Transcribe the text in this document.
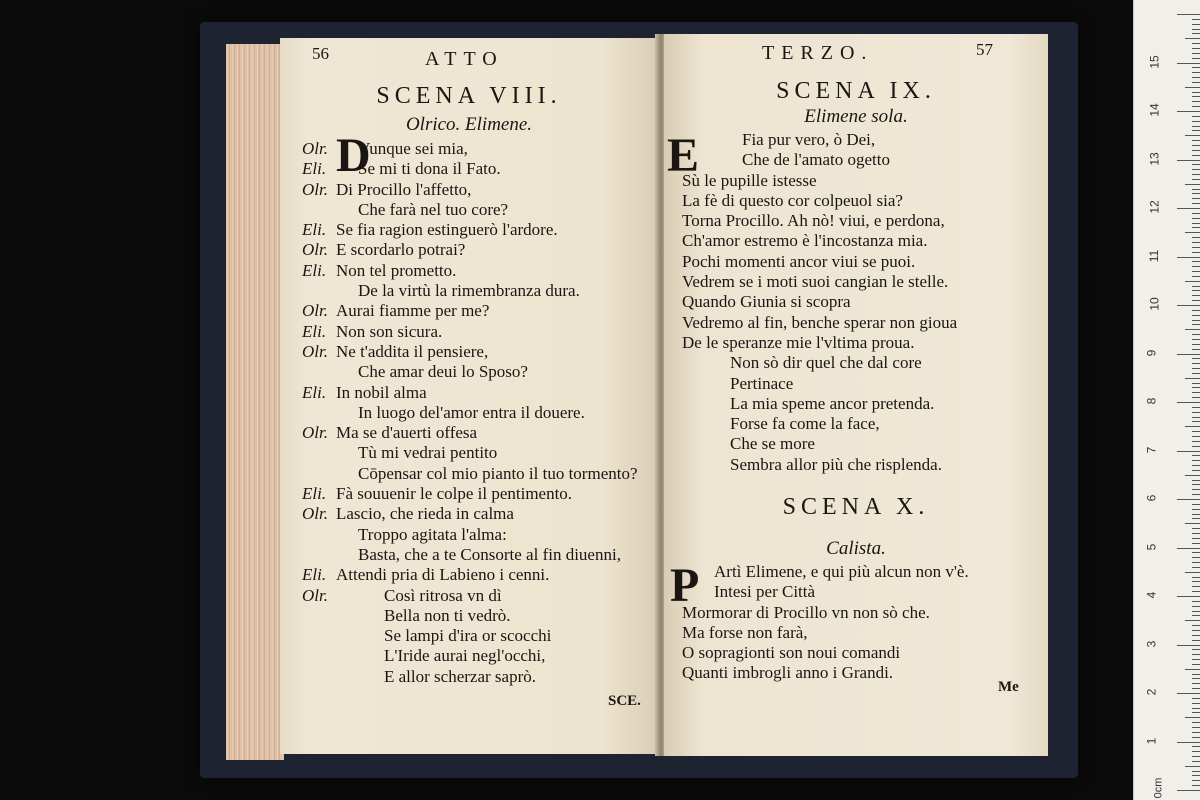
56	ATTO
SCENA VIII.
Olrico. Elimene.
D
Olr. Vunque sei mia,
Eli. Se mi ti dona il Fato.
Olr. Di Procillo l'affetto,
Che farà nel tuo core?
Eli. Se fia ragion estinguerò l'ardore.
Olr. E scordarlo potrai?
Eli. Non tel prometto.
De la virtù la rimembranza dura.
Olr. Aurai fiamme per me?
Eli. Non son sicura.
Olr. Ne t'addita il pensiere,
Che amar deui lo Sposo?
Eli. In nobil alma
In luogo del'amor entra il douere.
Olr. Ma se d'auerti offesa
Tù mi vedrai pentito
Cōpensar col mio pianto il tuo tormento?
Eli. Fà souuenir le colpe il pentimento.
Olr. Lascio, che rieda in calma
Troppo agitata l'alma:
Basta, che a te Consorte al fin diuenni,
Eli. Attendi pria di Labieno i cenni.
Olr.	Così ritrosa vn dì
Bella non ti vedrò.
Se lampi d'ira or scocchi
L'Iride aurai negl'occhi,
E allor scherzar saprò.
SCE.
TERZO.	57
SCENA IX.
Elimene sola.
E	Fia pur vero, ò Dei,
Che de l'amato ogetto
Sù le pupille istesse
La fè di questo cor colpeuol sia?
Torna Procillo. Ah nò! viui, e perdona,
Ch'amor estremo è l'incostanza mia.
Pochi momenti ancor viui se puoi.
Vedrem se i moti suoi cangian le stelle.
Quando Giunia si scopra
Vedremo al fin, benche sperar non gioua
De le speranze mie l'vltima proua.
Non sò dir quel che dal core
Pertinace
La mia speme ancor pretenda.
Forse fa come la face,
Che se more
Sembra allor più che risplenda.
SCENA X.
Calista.
P Artì Elimene, e qui più alcun non v'è.
Intesi per Città
Mormorar di Procillo vn non sò che.
Ma forse non farà,
O sopragionti son noui comandi
Quanti imbrogli anno i Grandi.
Me
0cm
1
2
3
4
5
6
7
8
9
10
11
12
13
14
15
